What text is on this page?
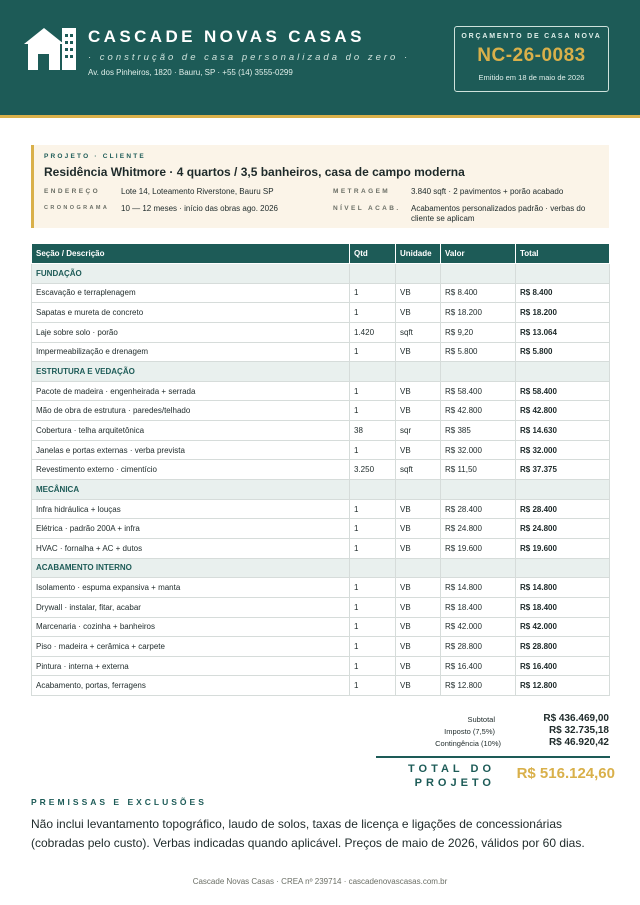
CASCADE NOVAS CASAS
· construção de casa personalizada do zero ·
Av. dos Pinheiros, 1820 · Bauru, SP · +55 (14) 3555-0299
ORÇAMENTO DE CASA NOVA
NC-26-0083
Emitido em 18 de maio de 2026
PROJETO · CLIENTE
Residência Whitmore · 4 quartos / 3,5 banheiros, casa de campo moderna
ENDEREÇO	Lote 14, Loteamento Riverstone, Bauru SP
CRONOGRAMA 10 — 12 meses · início das obras ago. 2026
METRAGEM	3.840 sqft · 2 pavimentos + porão acabado
NÍVEL ACAB. Acabamentos personalizados padrão · verbas do cliente se aplicam
Seção / Descrição	Qtd	Unidade	Valor	Total
FUNDAÇÃO				
Escavação e terraplenagem	1	VB	R$ 8.400	R$ 8.400
Sapatas e mureta de concreto	1	VB	R$ 18.200	R$ 18.200
Laje sobre solo · porão	1.420	sqft	R$ 9,20	R$ 13.064
Impermeabilização e drenagem	1	VB	R$ 5.800	R$ 5.800
ESTRUTURA E VEDAÇÃO				
Pacote de madeira · engenheirada + serrada	1	VB	R$ 58.400	R$ 58.400
Mão de obra de estrutura · paredes/telhado	1	VB	R$ 42.800	R$ 42.800
Cobertura · telha arquitetônica	38	sqr	R$ 385	R$ 14.630
Janelas e portas externas · verba prevista	1	VB	R$ 32.000	R$ 32.000
Revestimento externo · cimentício	3.250	sqft	R$ 11,50	R$ 37.375
MECÂNICA				
Infra hidráulica + louças	1	VB	R$ 28.400	R$ 28.400
Elétrica · padrão 200A + infra	1	VB	R$ 24.800	R$ 24.800
HVAC · fornalha + AC + dutos	1	VB	R$ 19.600	R$ 19.600
ACABAMENTO INTERNO				
Isolamento · espuma expansiva + manta	1	VB	R$ 14.800	R$ 14.800
Drywall · instalar, fitar, acabar	1	VB	R$ 18.400	R$ 18.400
Marcenaria · cozinha + banheiros	1	VB	R$ 42.000	R$ 42.000
Piso · madeira + cerâmica + carpete	1	VB	R$ 28.800	R$ 28.800
Pintura · interna + externa	1	VB	R$ 16.400	R$ 16.400
Acabamento, portas, ferragens	1	VB	R$ 12.800	R$ 12.800
Subtotal	R$ 436.469,00
Imposto (7,5%)	R$ 32.735,18
Contingência (10%)	R$ 46.920,42
TOTAL DO PROJETO
R$ 516.124,60
PREMISSAS E EXCLUSÕES
Não inclui levantamento topográfico, laudo de solos, taxas de licença e ligações de concessionárias (cobradas pelo custo). Verbas indicadas quando aplicável. Preços de maio de 2026, válidos por 60 dias.
Cascade Novas Casas · CREA nº 239714 · cascadenovascasas.com.br
